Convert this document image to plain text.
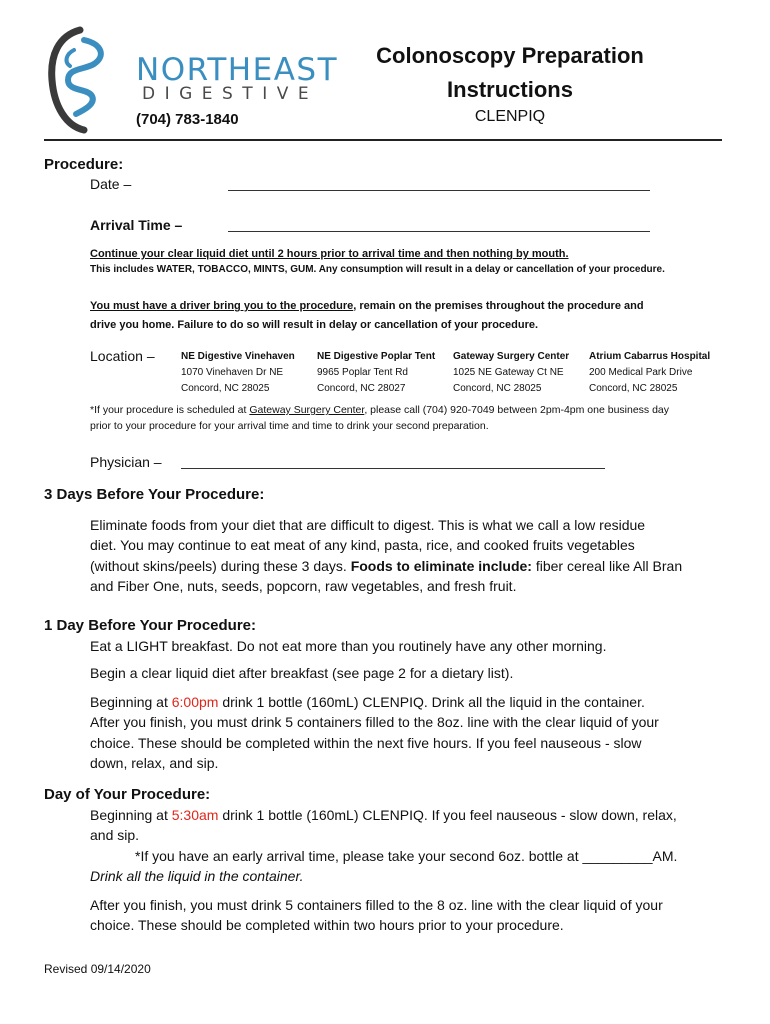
NORTHEAST
DIGESTIVE
(704) 783-1840
Colonoscopy Preparation
Instructions
CLENPIQ
Procedure:
Date –
Arrival Time –
Continue your clear liquid diet until 2 hours prior to arrival time and then nothing by mouth.
This includes WATER, TOBACCO, MINTS, GUM. Any consumption will result in a delay or cancellation of your procedure.
You must have a driver bring you to the procedure, remain on the premises throughout the procedure and
drive you home. Failure to do so will result in delay or cancellation of your procedure.
Location –	NE Digestive Vinehaven
1070 Vinehaven Dr NE
Concord, NC 28025
NE Digestive Poplar Tent
9965 Poplar Tent Rd
Concord, NC 28027
Gateway Surgery Center
1025 NE Gateway Ct NE
Concord, NC 28025
Atrium Cabarrus Hospital
200 Medical Park Drive
Concord, NC 28025
*If your procedure is scheduled at Gateway Surgery Center, please call (704) 920-7049 between 2pm-4pm one business day
prior to your procedure for your arrival time and time to drink your second preparation.
Physician –
3 Days Before Your Procedure:
Eliminate foods from your diet that are difficult to digest. This is what we call a low residue
diet. You may continue to eat meat of any kind, pasta, rice, and cooked fruits vegetables
(without skins/peels) during these 3 days. Foods to eliminate include: fiber cereal like All Bran
and Fiber One, nuts, seeds, popcorn, raw vegetables, and fresh fruit.
1 Day Before Your Procedure:
Eat a LIGHT breakfast. Do not eat more than you routinely have any other morning.
Begin a clear liquid diet after breakfast (see page 2 for a dietary list).
Beginning at 6:00pm drink 1 bottle (160mL) CLENPIQ. Drink all the liquid in the container.
After you finish, you must drink 5 containers filled to the 8oz. line with the clear liquid of your
choice. These should be completed within the next five hours. If you feel nauseous - slow
down, relax, and sip.
Day of Your Procedure:
Beginning at 5:30am drink 1 bottle (160mL) CLENPIQ. If you feel nauseous - slow down, relax,
and sip.
*If you have an early arrival time, please take your second 6oz. bottle at _________AM.
Drink all the liquid in the container.
After you finish, you must drink 5 containers filled to the 8 oz. line with the clear liquid of your
choice. These should be completed within two hours prior to your procedure.
Revised 09/14/2020
